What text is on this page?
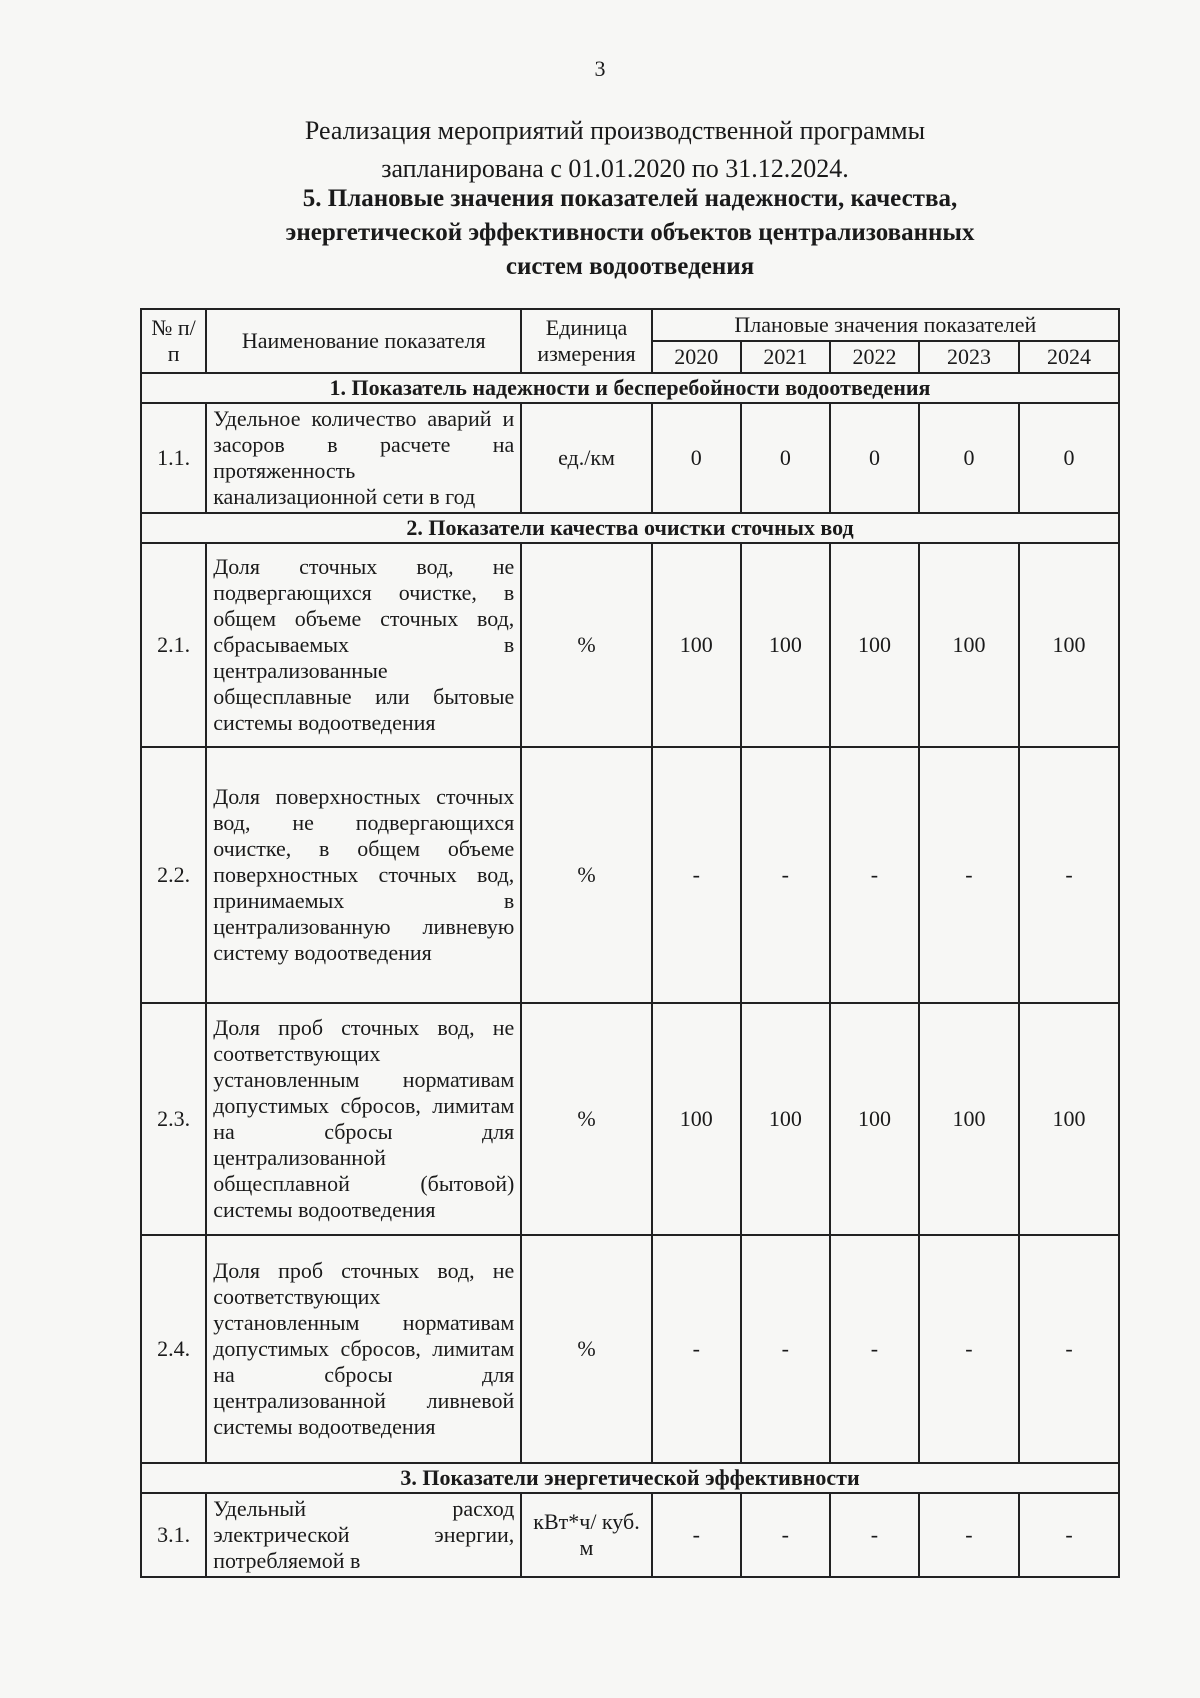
3
Реализация мероприятий производственной программы
запланирована с 01.01.2020 по 31.12.2024.
5. Плановые значения показателей надежности, качества,
энергетической эффективности объектов централизованных
систем водоотведения
№ п/п	Наименование показателя	Единица измерения	Плановые значения показателей				
			2020	2021	2022	2023	2024
1. Показатель надежности и бесперебойности водоотведения							
1.1.	Удельное количество аварий и засоров в расчете на протяженность канализационной сети в год	ед./км	0	0	0	0	0
2. Показатели качества очистки сточных вод							
2.1.	Доля сточных вод, не подвергающихся очистке, в общем объеме сточных вод, сбрасываемых в централизованные общесплавные или бытовые системы водоотведения	%	100	100	100	100	100
2.2.	Доля поверхностных сточных вод, не подвергающихся очистке, в общем объеме поверхностных сточных вод, принимаемых в централизованную ливневую систему водоотведения	%	-	-	-	-	-
2.3.	Доля проб сточных вод, не соответствующих установленным нормативам допустимых сбросов, лимитам на сбросы для централизованной общесплавной (бытовой) системы водоотведения	%	100	100	100	100	100
2.4.	Доля проб сточных вод, не соответствующих установленным нормативам допустимых сбросов, лимитам на сбросы для централизованной ливневой системы водоотведения	%	-	-	-	-	-
3. Показатели энергетической эффективности							
3.1.	Удельный расход электрической энергии, потребляемой в	кВт*ч/ куб. м	-	-	-	-	-
